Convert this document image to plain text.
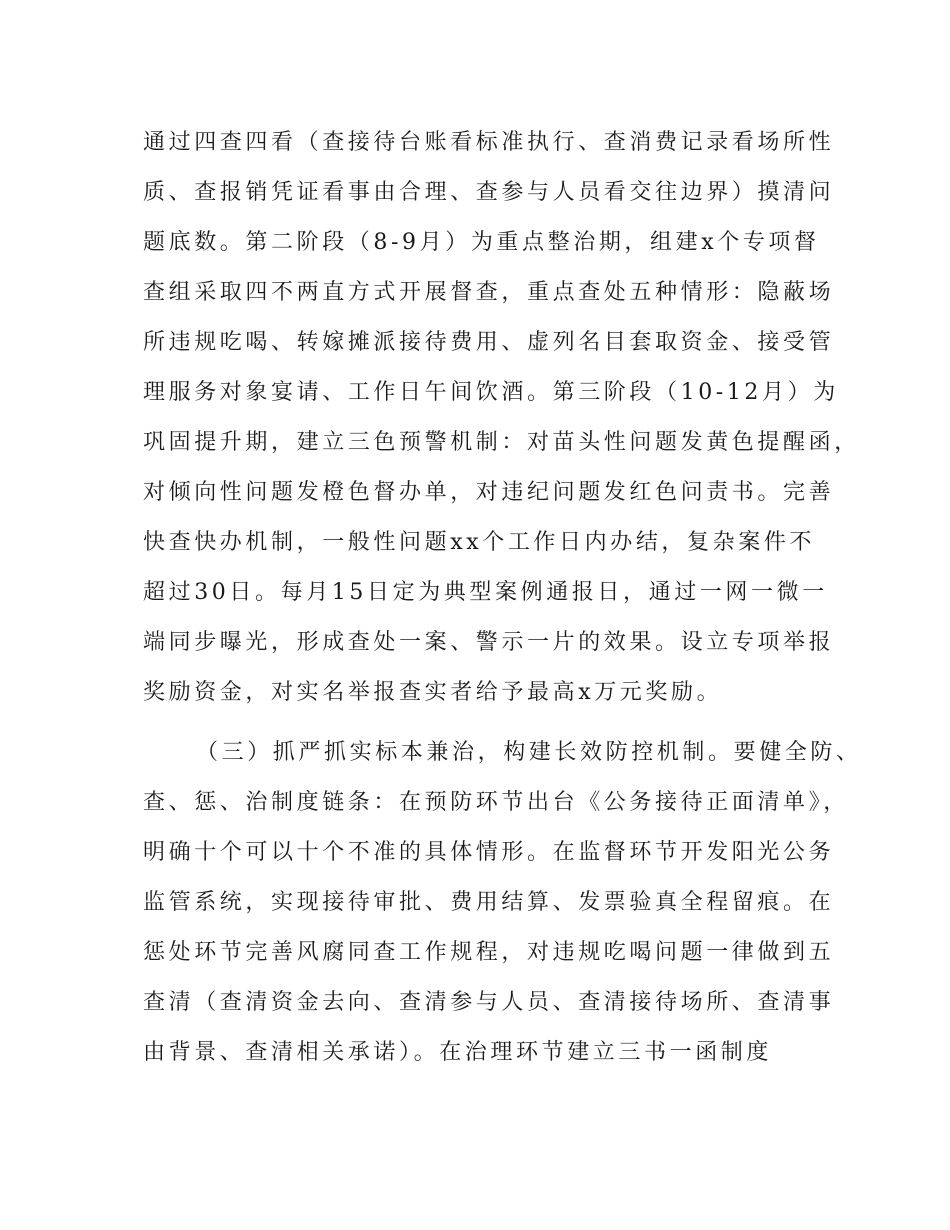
通过四查四看（查接待台账看标准执行、查消费记录看场所性
质、查报销凭证看事由合理、查参与人员看交往边界）摸清问
题底数。第二阶段（8-9月）为重点整治期，组建x个专项督
查组采取四不两直方式开展督查，重点查处五种情形：隐蔽场
所违规吃喝、转嫁摊派接待费用、虚列名目套取资金、接受管
理服务对象宴请、工作日午间饮酒。第三阶段（10-12月）为
巩固提升期，建立三色预警机制：对苗头性问题发黄色提醒函，
对倾向性问题发橙色督办单，对违纪问题发红色问责书。完善
快查快办机制，一般性问题xx个工作日内办结，复杂案件不
超过30日。每月15日定为典型案例通报日，通过一网一微一
端同步曝光，形成查处一案、警示一片的效果。设立专项举报
奖励资金，对实名举报查实者给予最高x万元奖励。
（三）抓严抓实标本兼治，构建长效防控机制。要健全防、
查、惩、治制度链条：在预防环节出台《公务接待正面清单》，
明确十个可以十个不准的具体情形。在监督环节开发阳光公务
监管系统，实现接待审批、费用结算、发票验真全程留痕。在
惩处环节完善风腐同查工作规程，对违规吃喝问题一律做到五
查清（查清资金去向、查清参与人员、查清接待场所、查清事
由背景、查清相关承诺）。在治理环节建立三书一函制度
